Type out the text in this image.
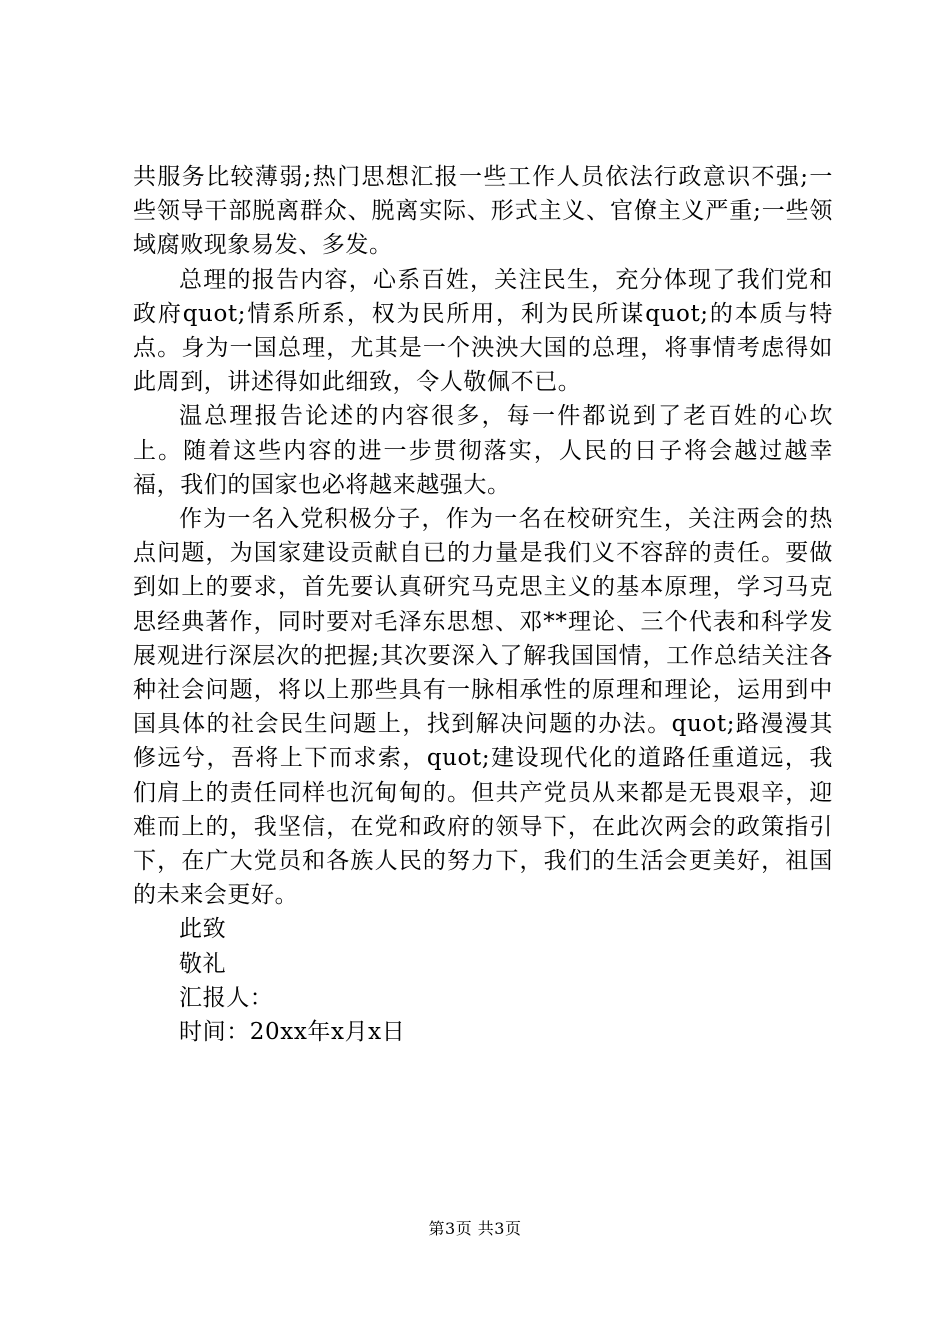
共服务比较薄弱;热门思想汇报一些工作人员依法行政意识不强;一些领导干部脱离群众、脱离实际、形式主义、官僚主义严重;一些领域腐败现象易发、多发。

总理的报告内容，心系百姓，关注民生，充分体现了我们党和政府quot;情系所系，权为民所用，利为民所谋quot;的本质与特点。身为一国总理，尤其是一个泱泱大国的总理，将事情考虑得如此周到，讲述得如此细致，令人敬佩不已。

温总理报告论述的内容很多，每一件都说到了老百姓的心坎上。随着这些内容的进一步贯彻落实，人民的日子将会越过越幸福，我们的国家也必将越来越强大。

作为一名入党积极分子，作为一名在校研究生，关注两会的热点问题，为国家建设贡献自已的力量是我们义不容辞的责任。要做到如上的要求，首先要认真研究马克思主义的基本原理，学习马克思经典著作，同时要对毛泽东思想、邓**理论、三个代表和科学发展观进行深层次的把握;其次要深入了解我国国情，工作总结关注各种社会问题，将以上那些具有一脉相承性的原理和理论，运用到中国具体的社会民生问题上，找到解决问题的办法。quot;路漫漫其修远兮，吾将上下而求索，quot;建设现代化的道路任重道远，我们肩上的责任同样也沉甸甸的。但共产党员从来都是无畏艰辛，迎难而上的，我坚信，在党和政府的领导下，在此次两会的政策指引下，在广大党员和各族人民的努力下，我们的生活会更美好，祖国的未来会更好。

此致

敬礼

汇报人：

时间：20xx年x月x日

第3页 共3页
